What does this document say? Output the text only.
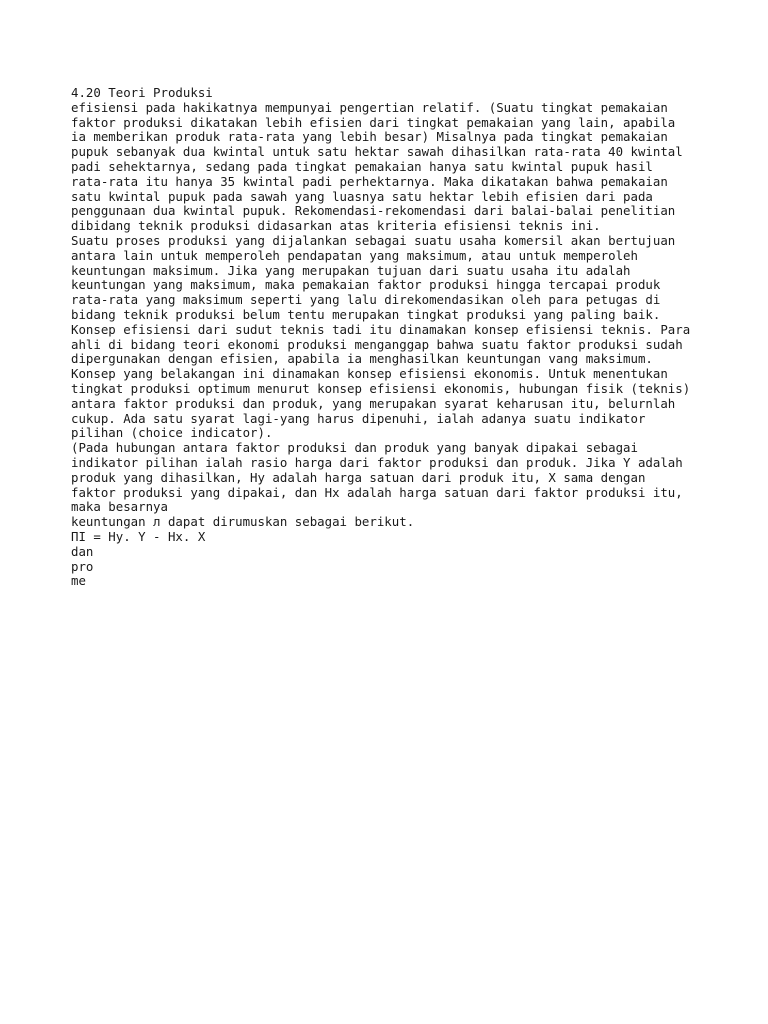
4.20 Teori Produksi
efisiensi pada hakikatnya mempunyai pengertian relatif. (Suatu tingkat pemakaian
faktor produksi dikatakan lebih efisien dari tingkat pemakaian yang lain, apabila
ia memberikan produk rata-rata yang lebih besar) Misalnya pada tingkat pemakaian
pupuk sebanyak dua kwintal untuk satu hektar sawah dihasilkan rata-rata 40 kwintal
padi sehektarnya, sedang pada tingkat pemakaian hanya satu kwintal pupuk hasil
rata-rata itu hanya 35 kwintal padi perhektarnya. Maka dikatakan bahwa pemakaian
satu kwintal pupuk pada sawah yang luasnya satu hektar lebih efisien dari pada
penggunaan dua kwintal pupuk. Rekomendasi-rekomendasi dari balai-balai penelitian
dibidang teknik produksi didasarkan atas kriteria efisiensi teknis ini.
Suatu proses produksi yang dijalankan sebagai suatu usaha komersil akan bertujuan
antara lain untuk memperoleh pendapatan yang maksimum, atau untuk memperoleh
keuntungan maksimum. Jika yang merupakan tujuan dari suatu usaha itu adalah
keuntungan yang maksimum, maka pemakaian faktor produksi hingga tercapai produk
rata-rata yang maksimum seperti yang lalu direkomendasikan oleh para petugas di
bidang teknik produksi belum tentu merupakan tingkat produksi yang paling baik.
Konsep efisiensi dari sudut teknis tadi itu dinamakan konsep efisiensi teknis. Para
ahli di bidang teori ekonomi produksi menganggap bahwa suatu faktor produksi sudah
dipergunakan dengan efisien, apabila ia menghasilkan keuntungan vang maksimum.
Konsep yang belakangan ini dinamakan konsep efisiensi ekonomis. Untuk menentukan
tingkat produksi optimum menurut konsep efisiensi ekonomis, hubungan fisik (teknis)
antara faktor produksi dan produk, yang merupakan syarat keharusan itu, belurnlah
cukup. Ada satu syarat lagi-yang harus dipenuhi, ialah adanya suatu indikator
pilihan (choice indicator).
(Pada hubungan antara faktor produksi dan produk yang banyak dipakai sebagai
indikator pilihan ialah rasio harga dari faktor produksi dan produk. Jika Y adalah
produk yang dihasilkan, Hy adalah harga satuan dari produk itu, X sama dengan
faktor produksi yang dipakai, dan Hx adalah harga satuan dari faktor produksi itu,
maka besarnya
keuntungan л dapat dirumuskan sebagai berikut.
ΠI = Hy. Y - Hx. X
dan
pro
me
